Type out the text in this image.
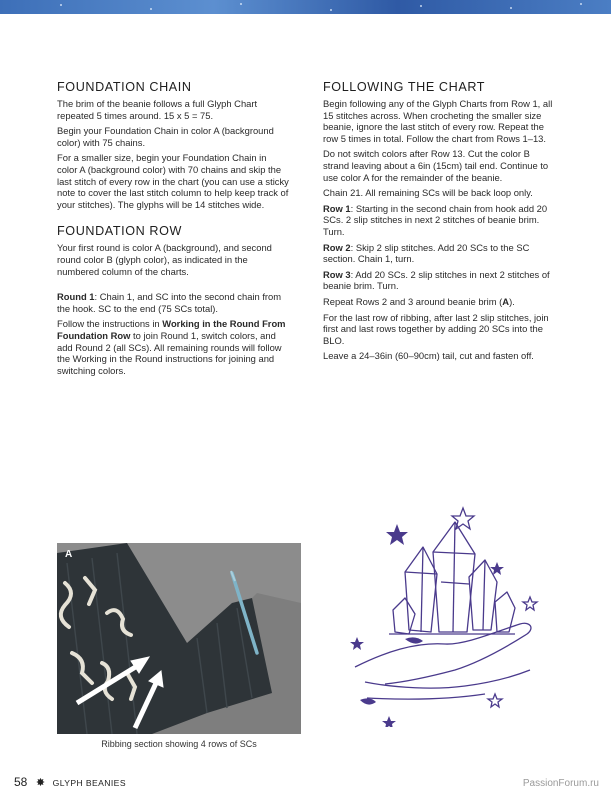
FOUNDATION CHAIN

The brim of the beanie follows a full Glyph Chart repeated 5 times around. 15 x 5 = 75.

Begin your Foundation Chain in color A (background color) with 75 chains.

For a smaller size, begin your Foundation Chain in color A (background color) with 70 chains and skip the last stitch of every row in the chart (you can use a sticky note to cover the last stitch column to help keep track of your stitches). The glyphs will be 14 stitches wide.

FOUNDATION ROW

Your first round is color A (background), and second round color B (glyph color), as indicated in the numbered column of the charts.

Round 1: Chain 1, and SC into the second chain from the hook. SC to the end (75 SCs total).

Follow the instructions in Working in the Round From Foundation Row to join Round 1, switch colors, and add Round 2 (all SCs). All remaining rounds will follow the Working in the Round instructions for joining and switching colors.

FOLLOWING THE CHART

Begin following any of the Glyph Charts from Row 1, all 15 stitches across. When crocheting the smaller size beanie, ignore the last stitch of every row. Repeat the row 5 times in total. Follow the chart from Rows 1–13.

Do not switch colors after Row 13. Cut the color B strand leaving about a 6in (15cm) tail end. Continue to use color A for the remainder of the beanie.

Chain 21. All remaining SCs will be back loop only.

Row 1: Starting in the second chain from hook add 20 SCs. 2 slip stitches in next 2 stitches of beanie brim. Turn.

Row 2: Skip 2 slip stitches. Add 20 SCs to the SC section. Chain 1, turn.

Row 3: Add 20 SCs. 2 slip stitches in next 2 stitches of beanie brim. Turn.

Repeat Rows 2 and 3 around beanie brim (A).

For the last row of ribbing, after last 2 slip stitches, join first and last rows together by adding 20 SCs into the BLO.

Leave a 24–36in (60–90cm) tail, cut and fasten off.

A
Ribbing section showing 4 rows of SCs
58 ✸ GLYPH BEANIES	PassionForum.ru
